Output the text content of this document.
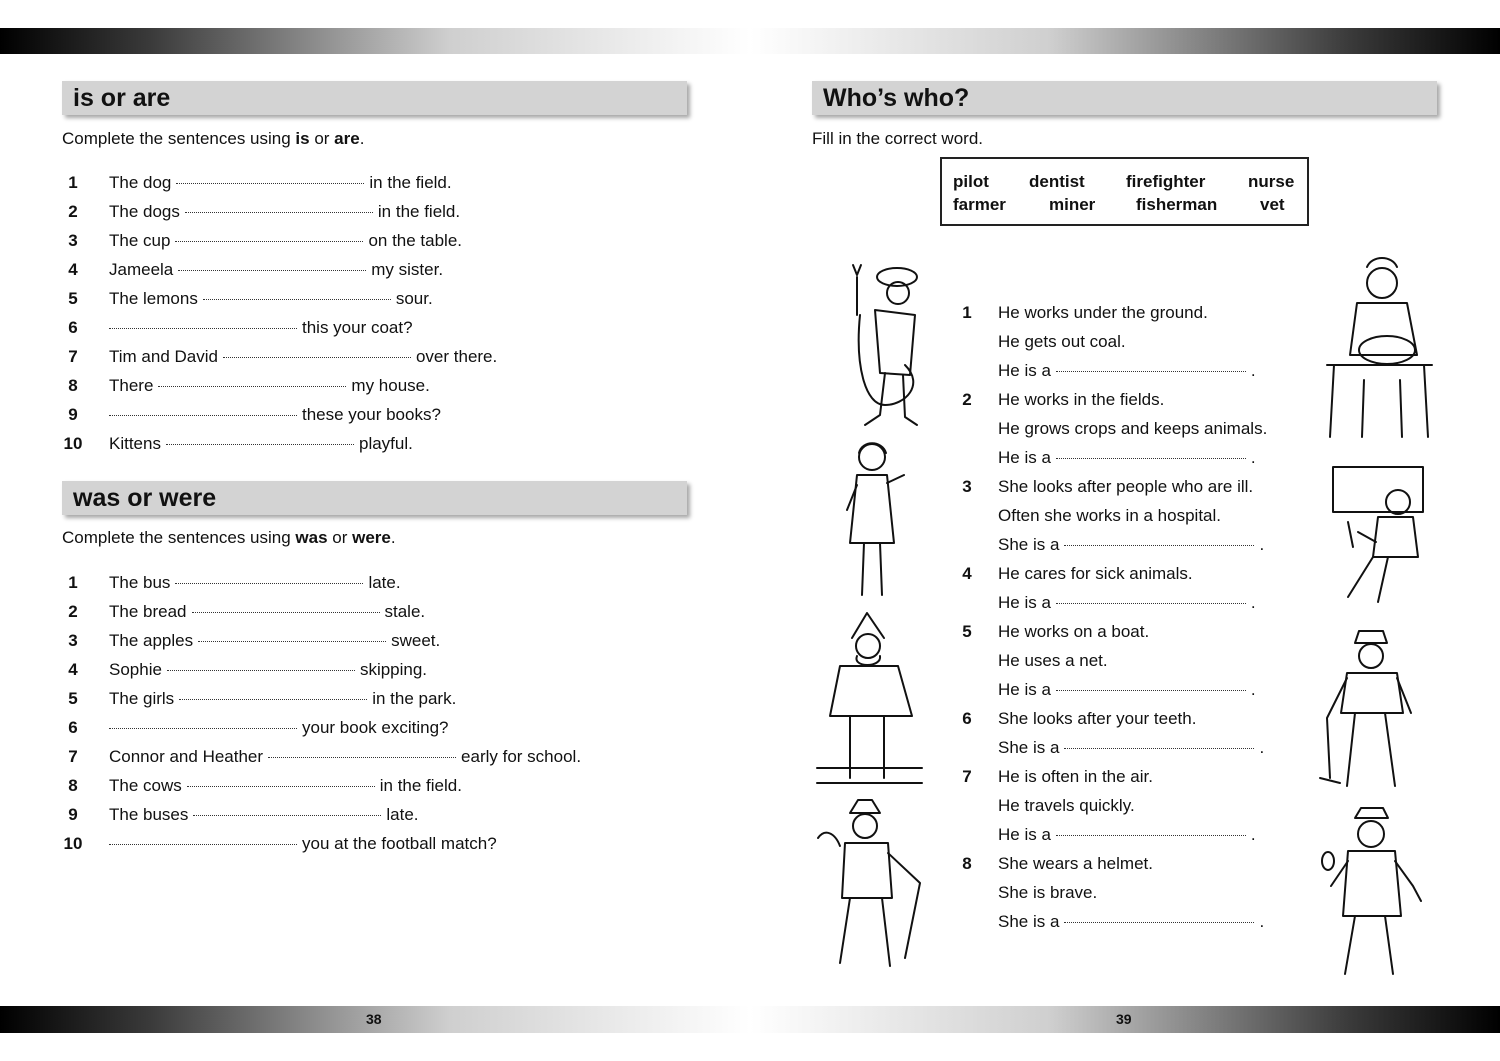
38	39
is or are
Complete the sentences using is or are.
1	The dog	in the field.
2	The dogs	in the field.
3	The cup	on the table.
4	Jameela	my sister.
5	The lemons	sour.
6	this your coat?
7	Tim and David	over there.
8	There	my house.
9	these your books?
10 Kittens	playful.
was or were
Complete the sentences using was or were.
1	The bus	late.
2	The bread	stale.
3	The apples	sweet.
4	Sophie	skipping.
5	The girls	in the park.
6	your book exciting?
7	Connor and Heather	early for school.
8	The cows	in the field.
9	The buses	late.
10	you at the football match?
Who’s who?
Fill in the correct word.
pilot dentist firefighter	nurse
farmer	miner fisherman	vet
1	He works under the ground.
He gets out coal.
He is a	.
2	He works in the fields.
He grows crops and keeps animals.
He is a	.
3	She looks after people who are ill.
Often she works in a hospital.
She is a	.
4	He cares for sick animals.
He is a	.
5	He works on a boat.
He uses a net.
He is a	.
6	She looks after your teeth.
She is a	.
7	He is often in the air.
He travels quickly.
He is a	.
8	She wears a helmet.
She is brave.
She is a	.
